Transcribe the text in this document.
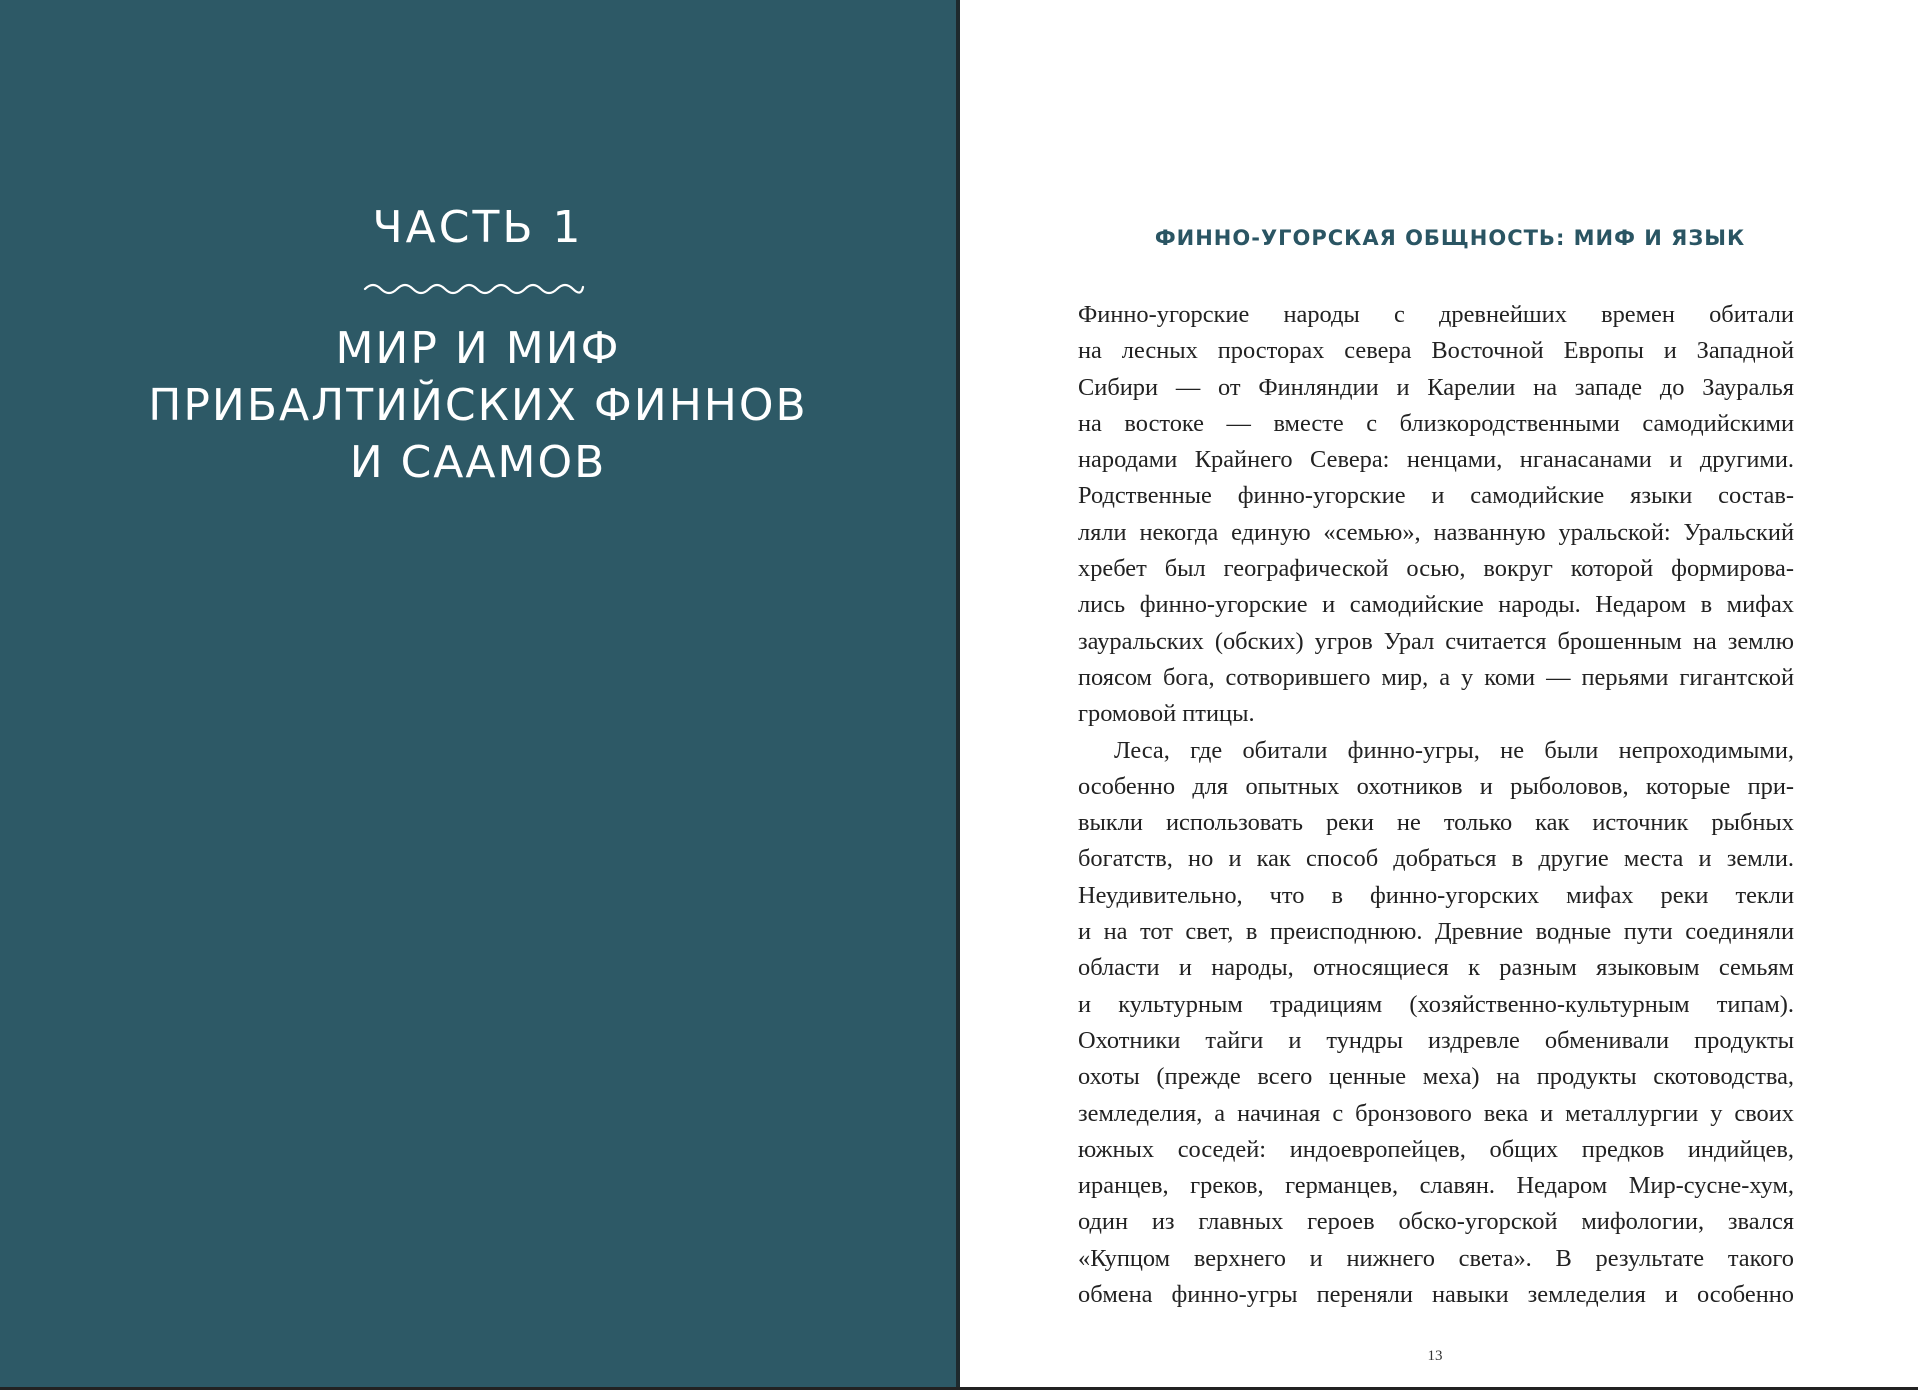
ЧАСТЬ 1
МИР И МИФ
ПРИБАЛТИЙСКИХ ФИННОВ
И СААМОВ
ФИННО-УГОРСКАЯ ОБЩНОСТЬ: МИФ И ЯЗЫК
Финно-угорские народы с древнейших времен обитали
на лесных просторах севера Восточной Европы и Западной
Сибири — от Финляндии и Карелии на западе до Зауралья
на востоке — вместе с близкородственными самодийскими
народами Крайнего Севера: ненцами, нганасанами и другими.
Родственные финно-угорские и самодийские языки состав-
ляли некогда единую «семью», названную уральской: Уральский
хребет был географической осью, вокруг которой формирова-
лись финно-угорские и самодийские народы. Недаром в мифах
зауральских (обских) угров Урал считается брошенным на землю
поясом бога, сотворившего мир, а у коми — перьями гигантской
громовой птицы.
Леса, где обитали финно-угры, не были непроходимыми,
особенно для опытных охотников и рыболовов, которые при-
выкли использовать реки не только как источник рыбных
богатств, но и как способ добраться в другие места и земли.
Неудивительно, что в финно-угорских мифах реки текли
и на тот свет, в преисподнюю. Древние водные пути соединяли
области и народы, относящиеся к разным языковым семьям
и культурным традициям (хозяйственно-культурным типам).
Охотники тайги и тундры издревле обменивали продукты
охоты (прежде всего ценные меха) на продукты скотоводства,
земледелия, а начиная с бронзового века и металлургии у своих
южных соседей: индоевропейцев, общих предков индийцев,
иранцев, греков, германцев, славян. Недаром Мир-сусне-хум,
один из главных героев обско-угорской мифологии, звался
«Купцом верхнего и нижнего света». В результате такого
обмена финно-угры переняли навыки земледелия и особенно
13
